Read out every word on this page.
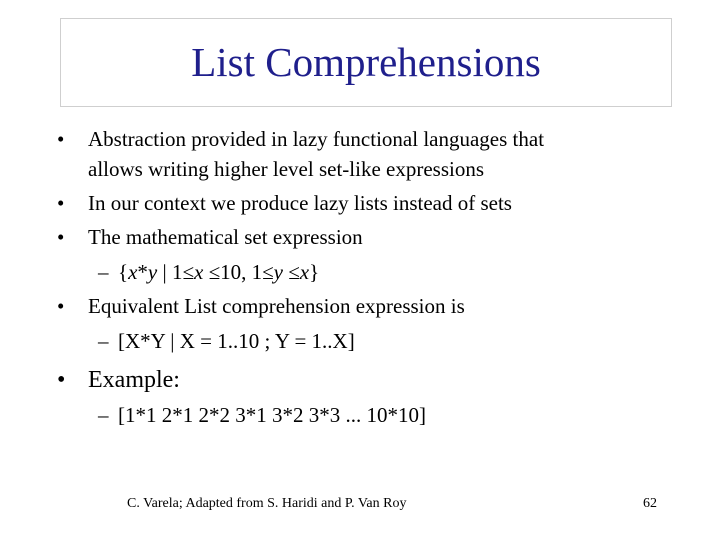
List Comprehensions
• Abstraction provided in lazy functional languages that
allows writing higher level set-like expressions
• In our context we produce lazy lists instead of sets
• The mathematical set expression
– {x*y | 1≤x ≤10, 1≤y ≤x}
• Equivalent List comprehension expression is
– [X*Y | X = 1..10 ; Y = 1..X]
• Example:
– [1*1 2*1 2*2 3*1 3*2 3*3 ... 10*10]
C. Varela; Adapted from S. Haridi and P. Van Roy	62
